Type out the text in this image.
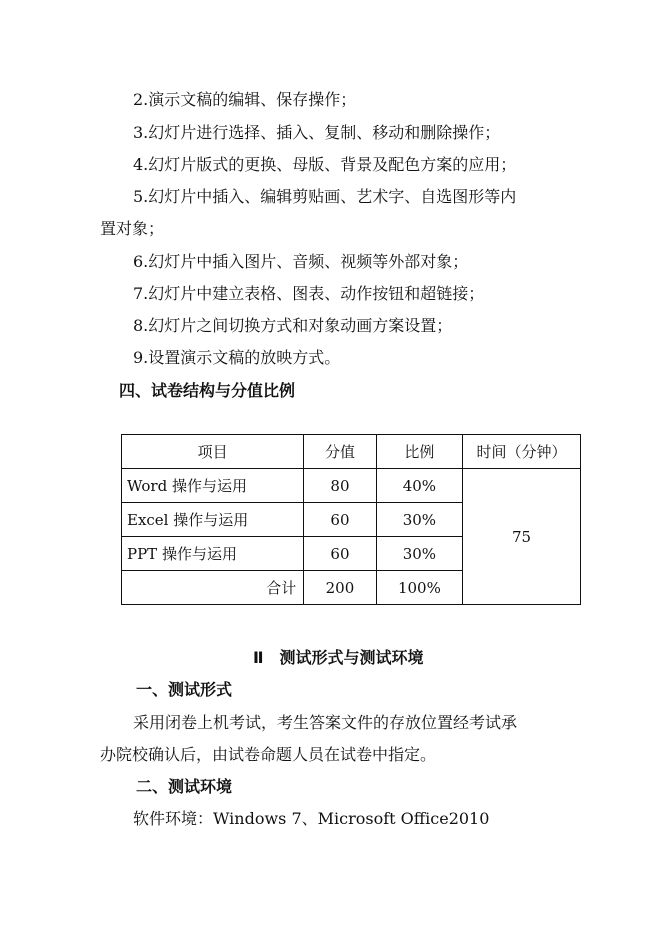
2.演示文稿的编辑、保存操作；
3.幻灯片进行选择、插入、复制、移动和删除操作；
4.幻灯片版式的更换、母版、背景及配色方案的应用；
5.幻灯片中插入、编辑剪贴画、艺术字、自选图形等内
置对象；
6.幻灯片中插入图片、音频、视频等外部对象；
7.幻灯片中建立表格、图表、动作按钮和超链接；
8.幻灯片之间切换方式和对象动画方案设置；
9.设置演示文稿的放映方式。
四、试卷结构与分值比例
项目	分值	比例	时间（分钟）
Word 操作与运用	80	40%	75
Excel 操作与运用	60	30%	
PPT 操作与运用	60	30%	
合计	200	100%	
Ⅱ　测试形式与测试环境
一、测试形式
采用闭卷上机考试，考生答案文件的存放位置经考试承
办院校确认后，由试卷命题人员在试卷中指定。
二、测试环境
软件环境：Windows 7、Microsoft Office2010
